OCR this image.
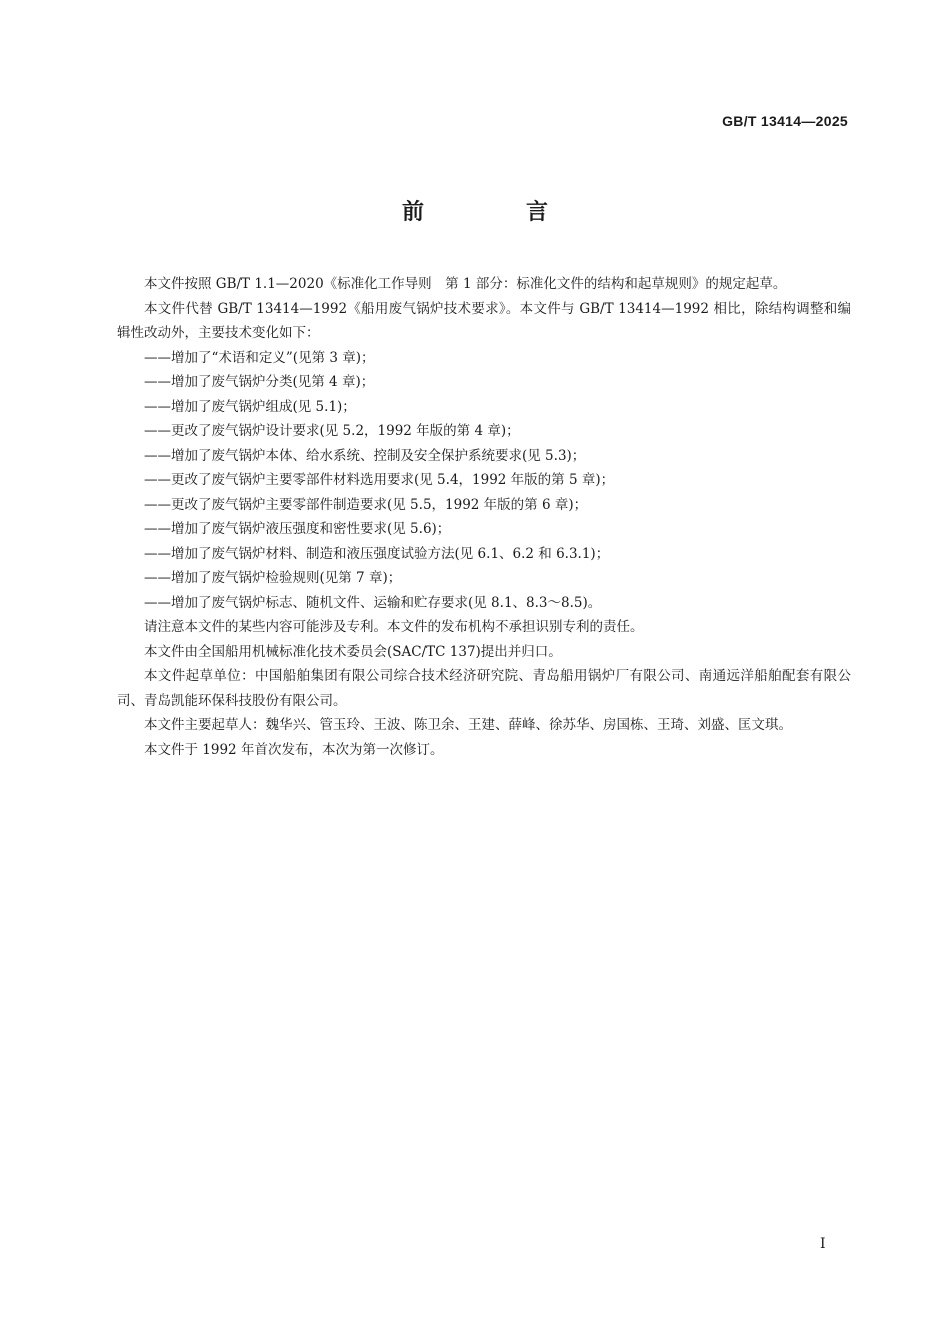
GB/T 13414—2025
前　言

本文件按照 GB/T 1.1—2020《标准化工作导则　第 1 部分：标准化文件的结构和起草规则》的规定起草。

本文件代替 GB/T 13414—1992《船用废气锅炉技术要求》。本文件与 GB/T 13414—1992 相比，除结构调整和编辑性改动外，主要技术变化如下：

——增加了“术语和定义”(见第 3 章)；
——增加了废气锅炉分类(见第 4 章)；
——增加了废气锅炉组成(见 5.1)；
——更改了废气锅炉设计要求(见 5.2，1992 年版的第 4 章)；
——增加了废气锅炉本体、给水系统、控制及安全保护系统要求(见 5.3)；
——更改了废气锅炉主要零部件材料选用要求(见 5.4，1992 年版的第 5 章)；
——更改了废气锅炉主要零部件制造要求(见 5.5，1992 年版的第 6 章)；
——增加了废气锅炉液压强度和密性要求(见 5.6)；
——增加了废气锅炉材料、制造和液压强度试验方法(见 6.1、6.2 和 6.3.1)；
——增加了废气锅炉检验规则(见第 7 章)；
——增加了废气锅炉标志、随机文件、运输和贮存要求(见 8.1、8.3～8.5)。

请注意本文件的某些内容可能涉及专利。本文件的发布机构不承担识别专利的责任。

本文件由全国船用机械标准化技术委员会(SAC/TC 137)提出并归口。

本文件起草单位：中国船舶集团有限公司综合技术经济研究院、青岛船用锅炉厂有限公司、南通远洋船舶配套有限公司、青岛凯能环保科技股份有限公司。

本文件主要起草人：魏华兴、管玉玲、王波、陈卫余、王建、薛峰、徐苏华、房国栋、王琦、刘盛、匡文琪。

本文件于 1992 年首次发布，本次为第一次修订。

I
